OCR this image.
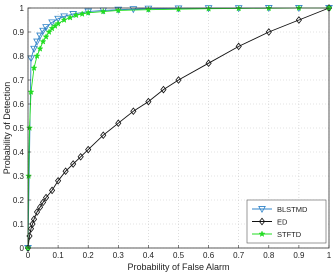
0	0.1 0.2 0.3 0.4 0.5 0.6 0.7 0.8 0.9	1
0
0.1
0.2
0.3
0.4
0.5
0.6
0.7
0.8
0.9
1
Probability of False Alarm
Probability of Detection
BLSTMD
ED
STFTD
